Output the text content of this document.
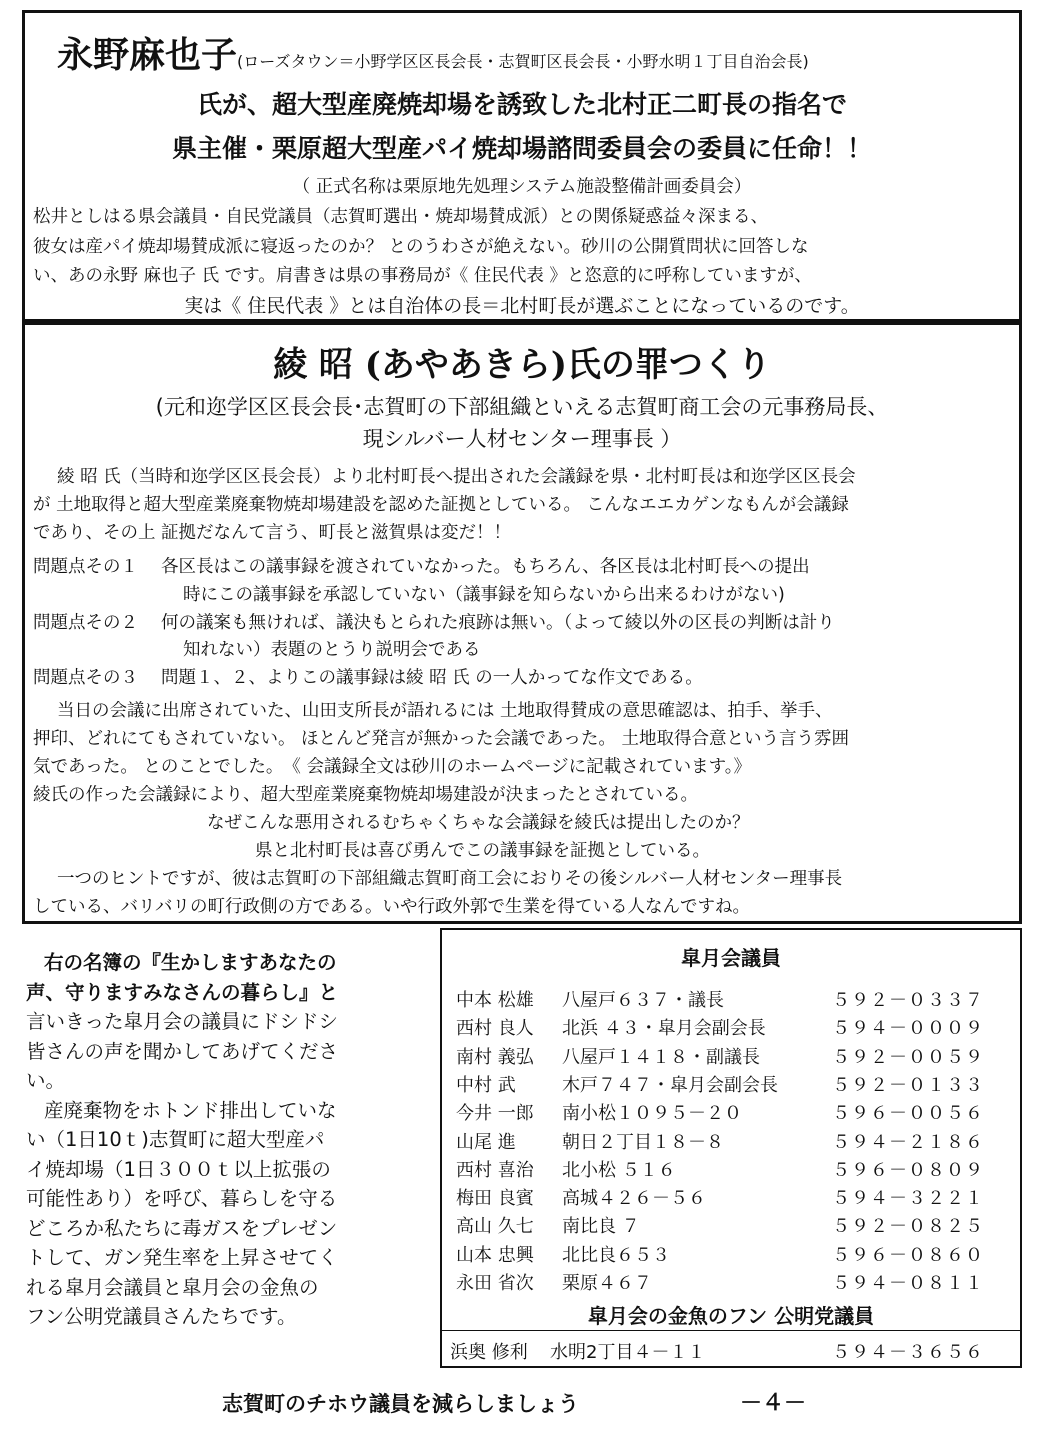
永野麻也子(ローズタウン＝小野学区区長会長・志賀町区長会長・小野水明１丁目自治会長)
氏が、超大型産廃焼却場を誘致した北村正二町長の指名で
県主催・栗原超大型産パイ焼却場諮問委員会の委員に任命！！
（ 正式名称は栗原地先処理システム施設整備計画委員会）
松井としはる県会議員・自民党議員（志賀町選出・焼却場賛成派）との関係疑惑益々深まる、
彼女は産パイ焼却場賛成派に寝返ったのか？ とのうわさが絶えない。砂川の公開質問状に回答しな
い、あの永野 麻也子 氏 です。肩書きは県の事務局が《 住民代表 》と恣意的に呼称していますが、
実は《 住民代表 》とは自治体の長＝北村町長が選ぶことになっているのです。
綾 昭 (あやあきら)氏の罪つくり
(元和迩学区区長会長･志賀町の下部組織といえる志賀町商工会の元事務局長、
現シルバー人材センター理事長 ）
綾 昭 氏（当時和迩学区区長会長）より北村町長へ提出された会議録を県・北村町長は和迩学区区長会
が 土地取得と超大型産業廃棄物焼却場建設を認めた証拠としている。 こんなエエカゲンなもんが会議録
であり、その上 証拠だなんて言う、町長と滋賀県は変だ！！
問題点その１　 各区長はこの議事録を渡されていなかった。もちろん、各区長は北村町長への提出
時にこの議事録を承認していない（議事録を知らないから出来るわけがない)
問題点その２　 何の議案も無ければ、議決もとられた痕跡は無い。（よって綾以外の区長の判断は計り
知れない）表題のとうり説明会である
問題点その３　 問題１、２、よりこの議事録は綾 昭 氏 の一人かってな作文である。
当日の会議に出席されていた、山田支所長が語れるには 土地取得賛成の意思確認は、拍手、挙手、
押印、どれにてもされていない。 ほとんど発言が無かった会議であった。 土地取得合意という言う雰囲
気であった。 とのことでした。　《 会議録全文は砂川のホームページに記載されています。》
綾氏の作った会議録により、超大型産業廃棄物焼却場建設が決まったとされている。
なぜこんな悪用されるむちゃくちゃな会議録を綾氏は提出したのか？
県と北村町長は喜び勇んでこの議事録を証拠としている。
一つのヒントですが、彼は志賀町の下部組織志賀町商工会におりその後シルバー人材センター理事長
している、バリバリの町行政側の方である。いや行政外郭で生業を得ている人なんですね。
右の名簿の『生かしますあなたの
声、守りますみなさんの暮らし』と
言いきった皐月会の議員にドシドシ
皆さんの声を聞かしてあげてくださ
い。
産廃棄物をホトンド排出していな
い（1日10ｔ)志賀町に超大型産パ
イ焼却場（1日３００ｔ以上拡張の
可能性あり）を呼び、暮らしを守る
どころか私たちに毒ガスをプレゼン
トして、ガン発生率を上昇させてく
れる皐月会議員と皐月会の金魚の
フン公明党議員さんたちです。
皐月会議員
中本 松雄 八屋戸６３７・議長	５９２－０３３７
西村 良人 北浜 ４３・皐月会副会長	５９４－０００９
南村 義弘 八屋戸１４１８・副議長	５９２－００５９
中村 武	木戸７４７・皐月会副会長	５９２－０１３３
今井 一郎 南小松１０９５－２０	５９６－００５６
山尾 進	朝日２丁目１８－８	５９４－２１８６
西村 喜治 北小松 ５１６	５９６－０８０９
梅田 良賓 高城４２６－５６	５９４－３２２１
高山 久七 南比良 ７	５９２－０８２５
山本 忠興 北比良６５３	５９６－０８６０
永田 省次 栗原４６７	５９４－０８１１
皐月会の金魚のフン 公明党議員
浜奥 修利 水明2丁目４－１１	５９４－３６５６
志賀町のチホウ議員を減らしましょう	－４－
